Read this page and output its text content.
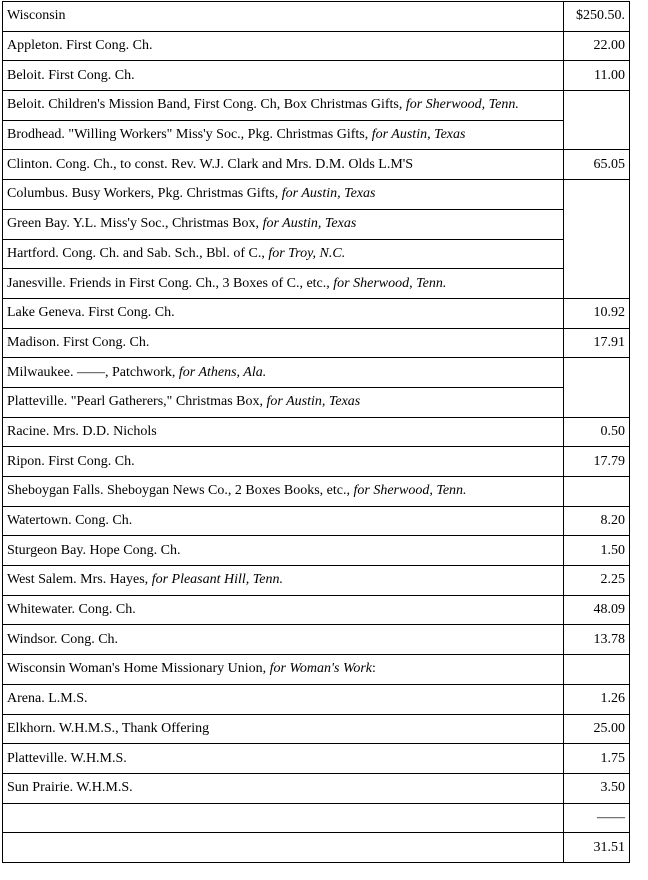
Wisconsin	$250.50.
Appleton. First Cong. Ch.	22.00
Beloit. First Cong. Ch.	11.00
Beloit. Children's Mission Band, First Cong. Ch, Box Christmas Gifts, for Sherwood, Tenn.	
Brodhead. "Willing Workers" Miss'y Soc., Pkg. Christmas Gifts, for Austin, Texas	
Clinton. Cong. Ch., to const. Rev. W.J. Clark and Mrs. D.M. Olds L.M'S	65.05
Columbus. Busy Workers, Pkg. Christmas Gifts, for Austin, Texas	
Green Bay. Y.L. Miss'y Soc., Christmas Box, for Austin, Texas	
Hartford. Cong. Ch. and Sab. Sch., Bbl. of C., for Troy, N.C.	
Janesville. Friends in First Cong. Ch., 3 Boxes of C., etc., for Sherwood, Tenn.	
Lake Geneva. First Cong. Ch.	10.92
Madison. First Cong. Ch.	17.91
Milwaukee. ——, Patchwork, for Athens, Ala.	
Platteville. "Pearl Gatherers," Christmas Box, for Austin, Texas	
Racine. Mrs. D.D. Nichols	0.50
Ripon. First Cong. Ch.	17.79
Sheboygan Falls. Sheboygan News Co., 2 Boxes Books, etc., for Sherwood, Tenn.	
Watertown. Cong. Ch.	8.20
Sturgeon Bay. Hope Cong. Ch.	1.50
West Salem. Mrs. Hayes, for Pleasant Hill, Tenn.	2.25
Whitewater. Cong. Ch.	48.09
Windsor. Cong. Ch.	13.78
Wisconsin Woman's Home Missionary Union, for Woman's Work:	
Arena. L.M.S.	1.26
Elkhorn. W.H.M.S., Thank Offering	25.00
Platteville. W.H.M.S.	1.75
Sun Prairie. W.H.M.S.	3.50
	——
	31.51
